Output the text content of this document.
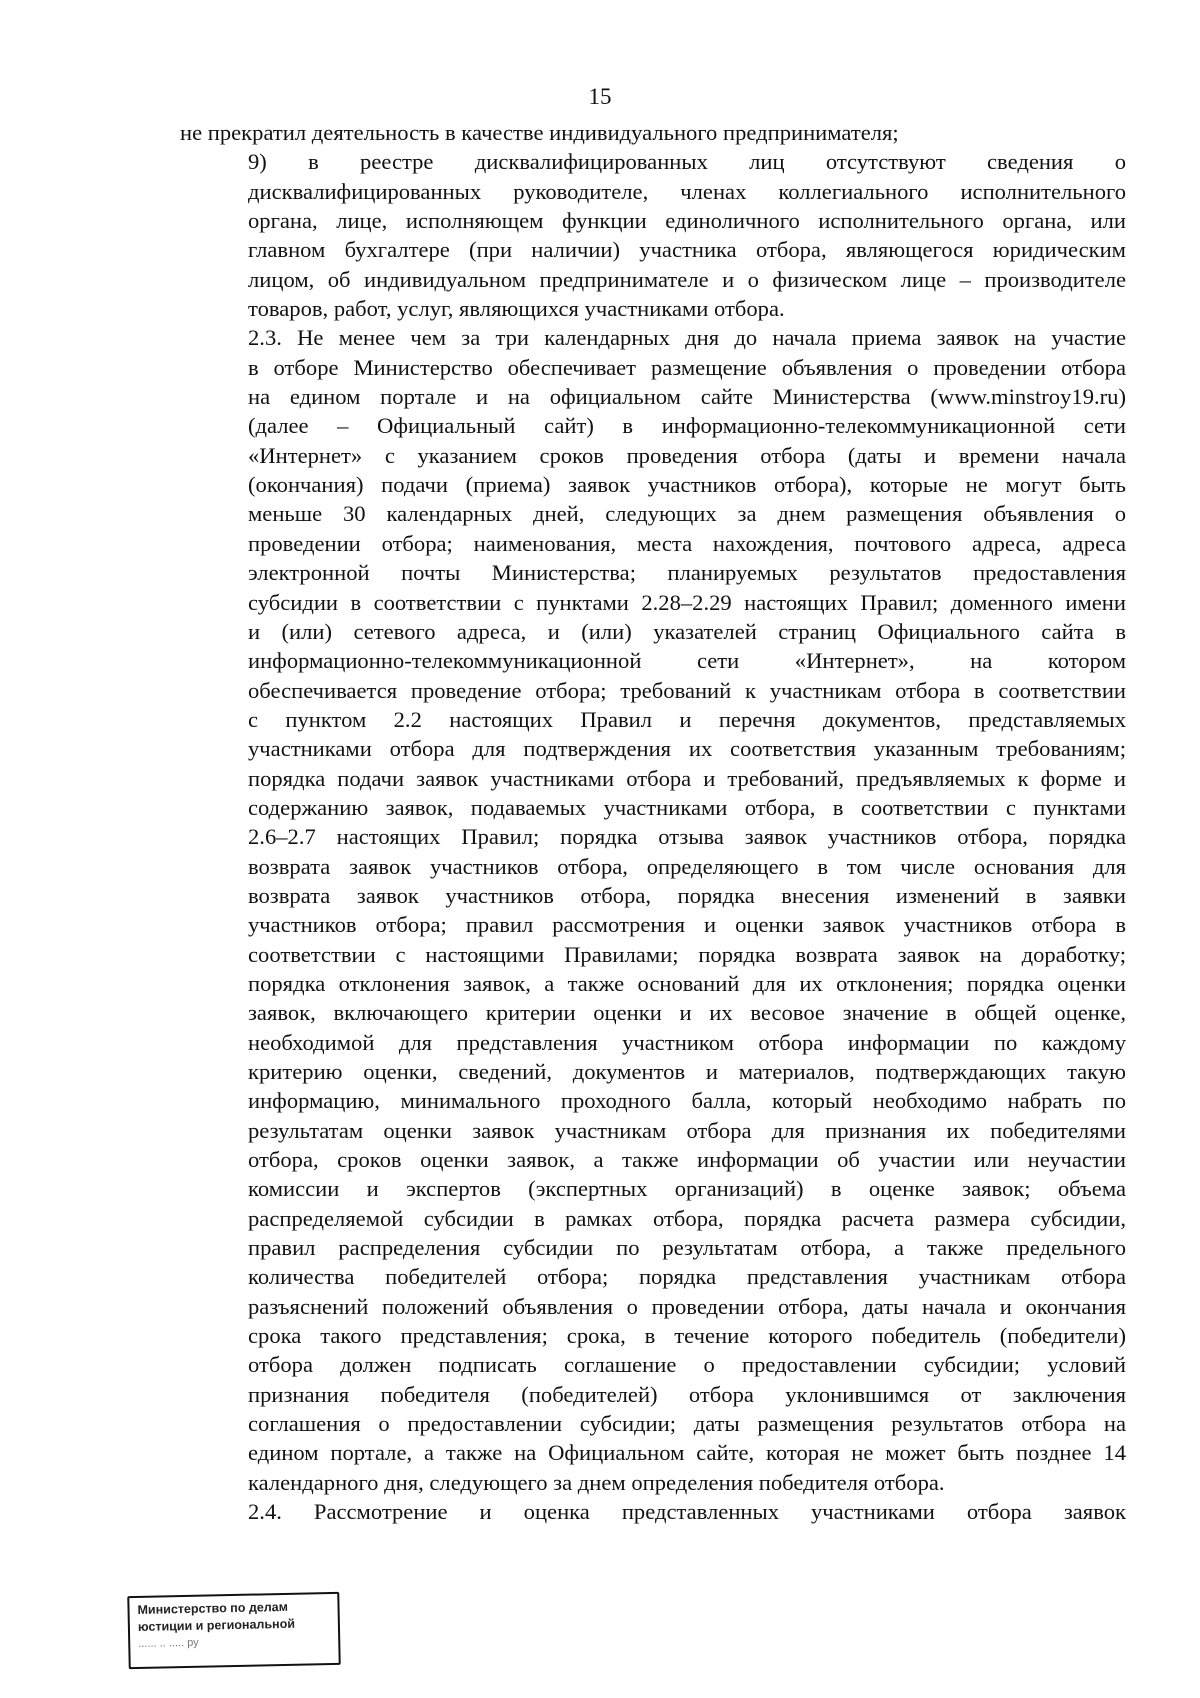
15

не прекратил деятельность в качестве индивидуального предпринимателя;

9) в реестре дисквалифицированных лиц отсутствуют сведения о
дисквалифицированных руководителе, членах коллегиального исполнительного
органа, лице, исполняющем функции единоличного исполнительного органа, или
главном бухгалтере (при наличии) участника отбора, являющегося юридическим
лицом, об индивидуальном предпринимателе и о физическом лице – производителе
товаров, работ, услуг, являющихся участниками отбора.

2.3. Не менее чем за три календарных дня до начала приема заявок на участие
в отборе Министерство обеспечивает размещение объявления о проведении отбора
на едином портале и на официальном сайте Министерства (www.minstroy19.ru)
(далее – Официальный сайт) в информационно-телекоммуникационной сети
«Интернет» с указанием сроков проведения отбора (даты и времени начала
(окончания) подачи (приема) заявок участников отбора), которые не могут быть
меньше 30 календарных дней, следующих за днем размещения объявления о
проведении отбора; наименования, места нахождения, почтового адреса, адреса
электронной почты Министерства; планируемых результатов предоставления
субсидии в соответствии с пунктами 2.28–2.29 настоящих Правил; доменного имени
и (или) сетевого адреса, и (или) указателей страниц Официального сайта в
информационно-телекоммуникационной сети «Интернет», на котором
обеспечивается проведение отбора; требований к участникам отбора в соответствии
с пунктом 2.2 настоящих Правил и перечня документов, представляемых
участниками отбора для подтверждения их соответствия указанным требованиям;
порядка подачи заявок участниками отбора и требований, предъявляемых к форме и
содержанию заявок, подаваемых участниками отбора, в соответствии с пунктами
2.6–2.7 настоящих Правил; порядка отзыва заявок участников отбора, порядка
возврата заявок участников отбора, определяющего в том числе основания для
возврата заявок участников отбора, порядка внесения изменений в заявки
участников отбора; правил рассмотрения и оценки заявок участников отбора в
соответствии с настоящими Правилами; порядка возврата заявок на доработку;
порядка отклонения заявок, а также оснований для их отклонения; порядка оценки
заявок, включающего критерии оценки и их весовое значение в общей оценке,
необходимой для представления участником отбора информации по каждому
критерию оценки, сведений, документов и материалов, подтверждающих такую
информацию, минимального проходного балла, который необходимо набрать по
результатам оценки заявок участникам отбора для признания их победителями
отбора, сроков оценки заявок, а также информации об участии или неучастии
комиссии и экспертов (экспертных организаций) в оценке заявок; объема
распределяемой субсидии в рамках отбора, порядка расчета размера субсидии,
правил распределения субсидии по результатам отбора, а также предельного
количества победителей отбора; порядка представления участникам отбора
разъяснений положений объявления о проведении отбора, даты начала и окончания
срока такого представления; срока, в течение которого победитель (победители)
отбора должен подписать соглашение о предоставлении субсидии; условий
признания победителя (победителей) отбора уклонившимся от заключения
соглашения о предоставлении субсидии; даты размещения результатов отбора на
едином портале, а также на Официальном сайте, которая не может быть позднее 14
календарного дня, следующего за днем определения победителя отбора.

2.4. Рассмотрение и оценка представленных участниками отбора заявок

Министерство по делам
юстиции и региональной
...... .. ..... ру
